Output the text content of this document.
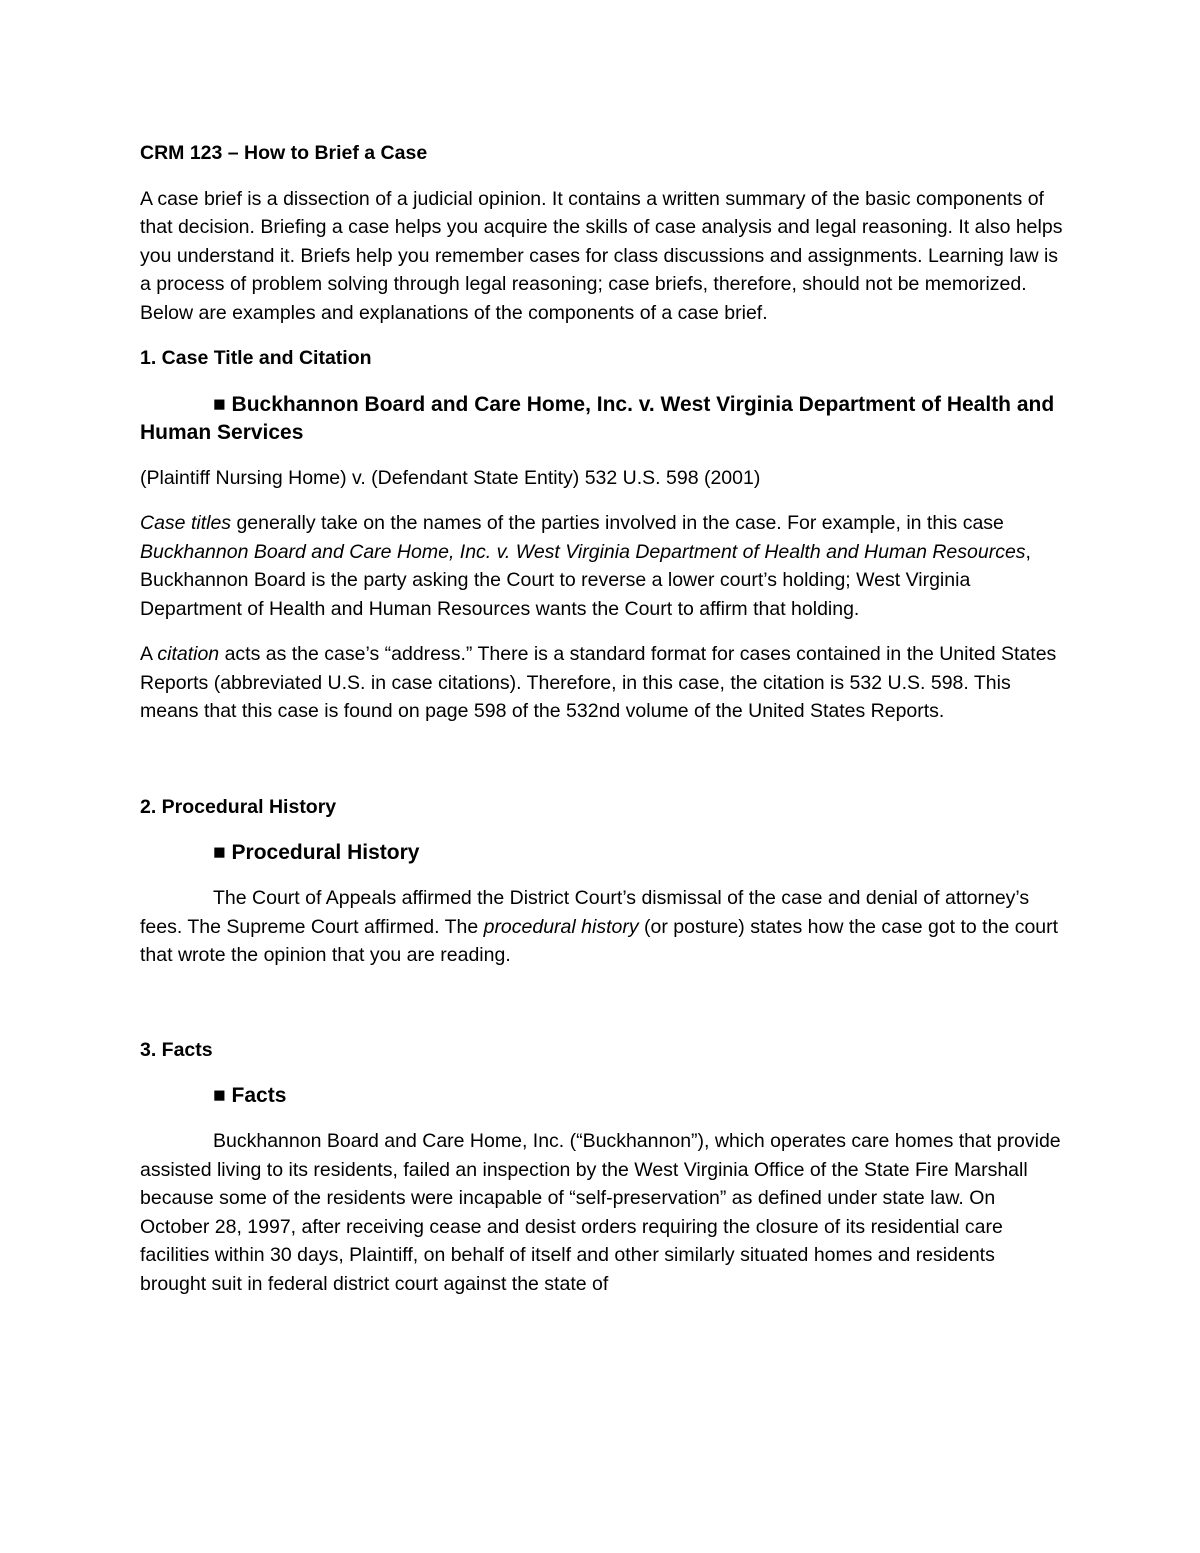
CRM 123 – How to Brief a Case

A case brief is a dissection of a judicial opinion. It contains a written summary of the basic components of that decision. Briefing a case helps you acquire the skills of case analysis and legal reasoning. It also helps you understand it. Briefs help you remember cases for class discussions and assignments. Learning law is a process of problem solving through legal reasoning; case briefs, therefore, should not be memorized. Below are examples and explanations of the components of a case brief.

1. Case Title and Citation

■ Buckhannon Board and Care Home, Inc. v. West Virginia Department of Health and Human Services

(Plaintiff Nursing Home) v. (Defendant State Entity) 532 U.S. 598 (2001)

Case titles generally take on the names of the parties involved in the case. For example, in this case Buckhannon Board and Care Home, Inc. v. West Virginia Department of Health and Human Resources, Buckhannon Board is the party asking the Court to reverse a lower court’s holding; West Virginia Department of Health and Human Resources wants the Court to affirm that holding.

A citation acts as the case’s “address.” There is a standard format for cases contained in the United States Reports (abbreviated U.S. in case citations). Therefore, in this case, the citation is 532 U.S. 598. This means that this case is found on page 598 of the 532nd volume of the United States Reports.

2. Procedural History

■ Procedural History

The Court of Appeals affirmed the District Court’s dismissal of the case and denial of attorney’s fees. The Supreme Court affirmed. The procedural history (or posture) states how the case got to the court that wrote the opinion that you are reading.

3. Facts

■ Facts

Buckhannon Board and Care Home, Inc. (“Buckhannon”), which operates care homes that provide assisted living to its residents, failed an inspection by the West Virginia Office of the State Fire Marshall because some of the residents were incapable of “self-preservation” as defined under state law. On October 28, 1997, after receiving cease and desist orders requiring the closure of its residential care facilities within 30 days, Plaintiff, on behalf of itself and other similarly situated homes and residents brought suit in federal district court against the state of
